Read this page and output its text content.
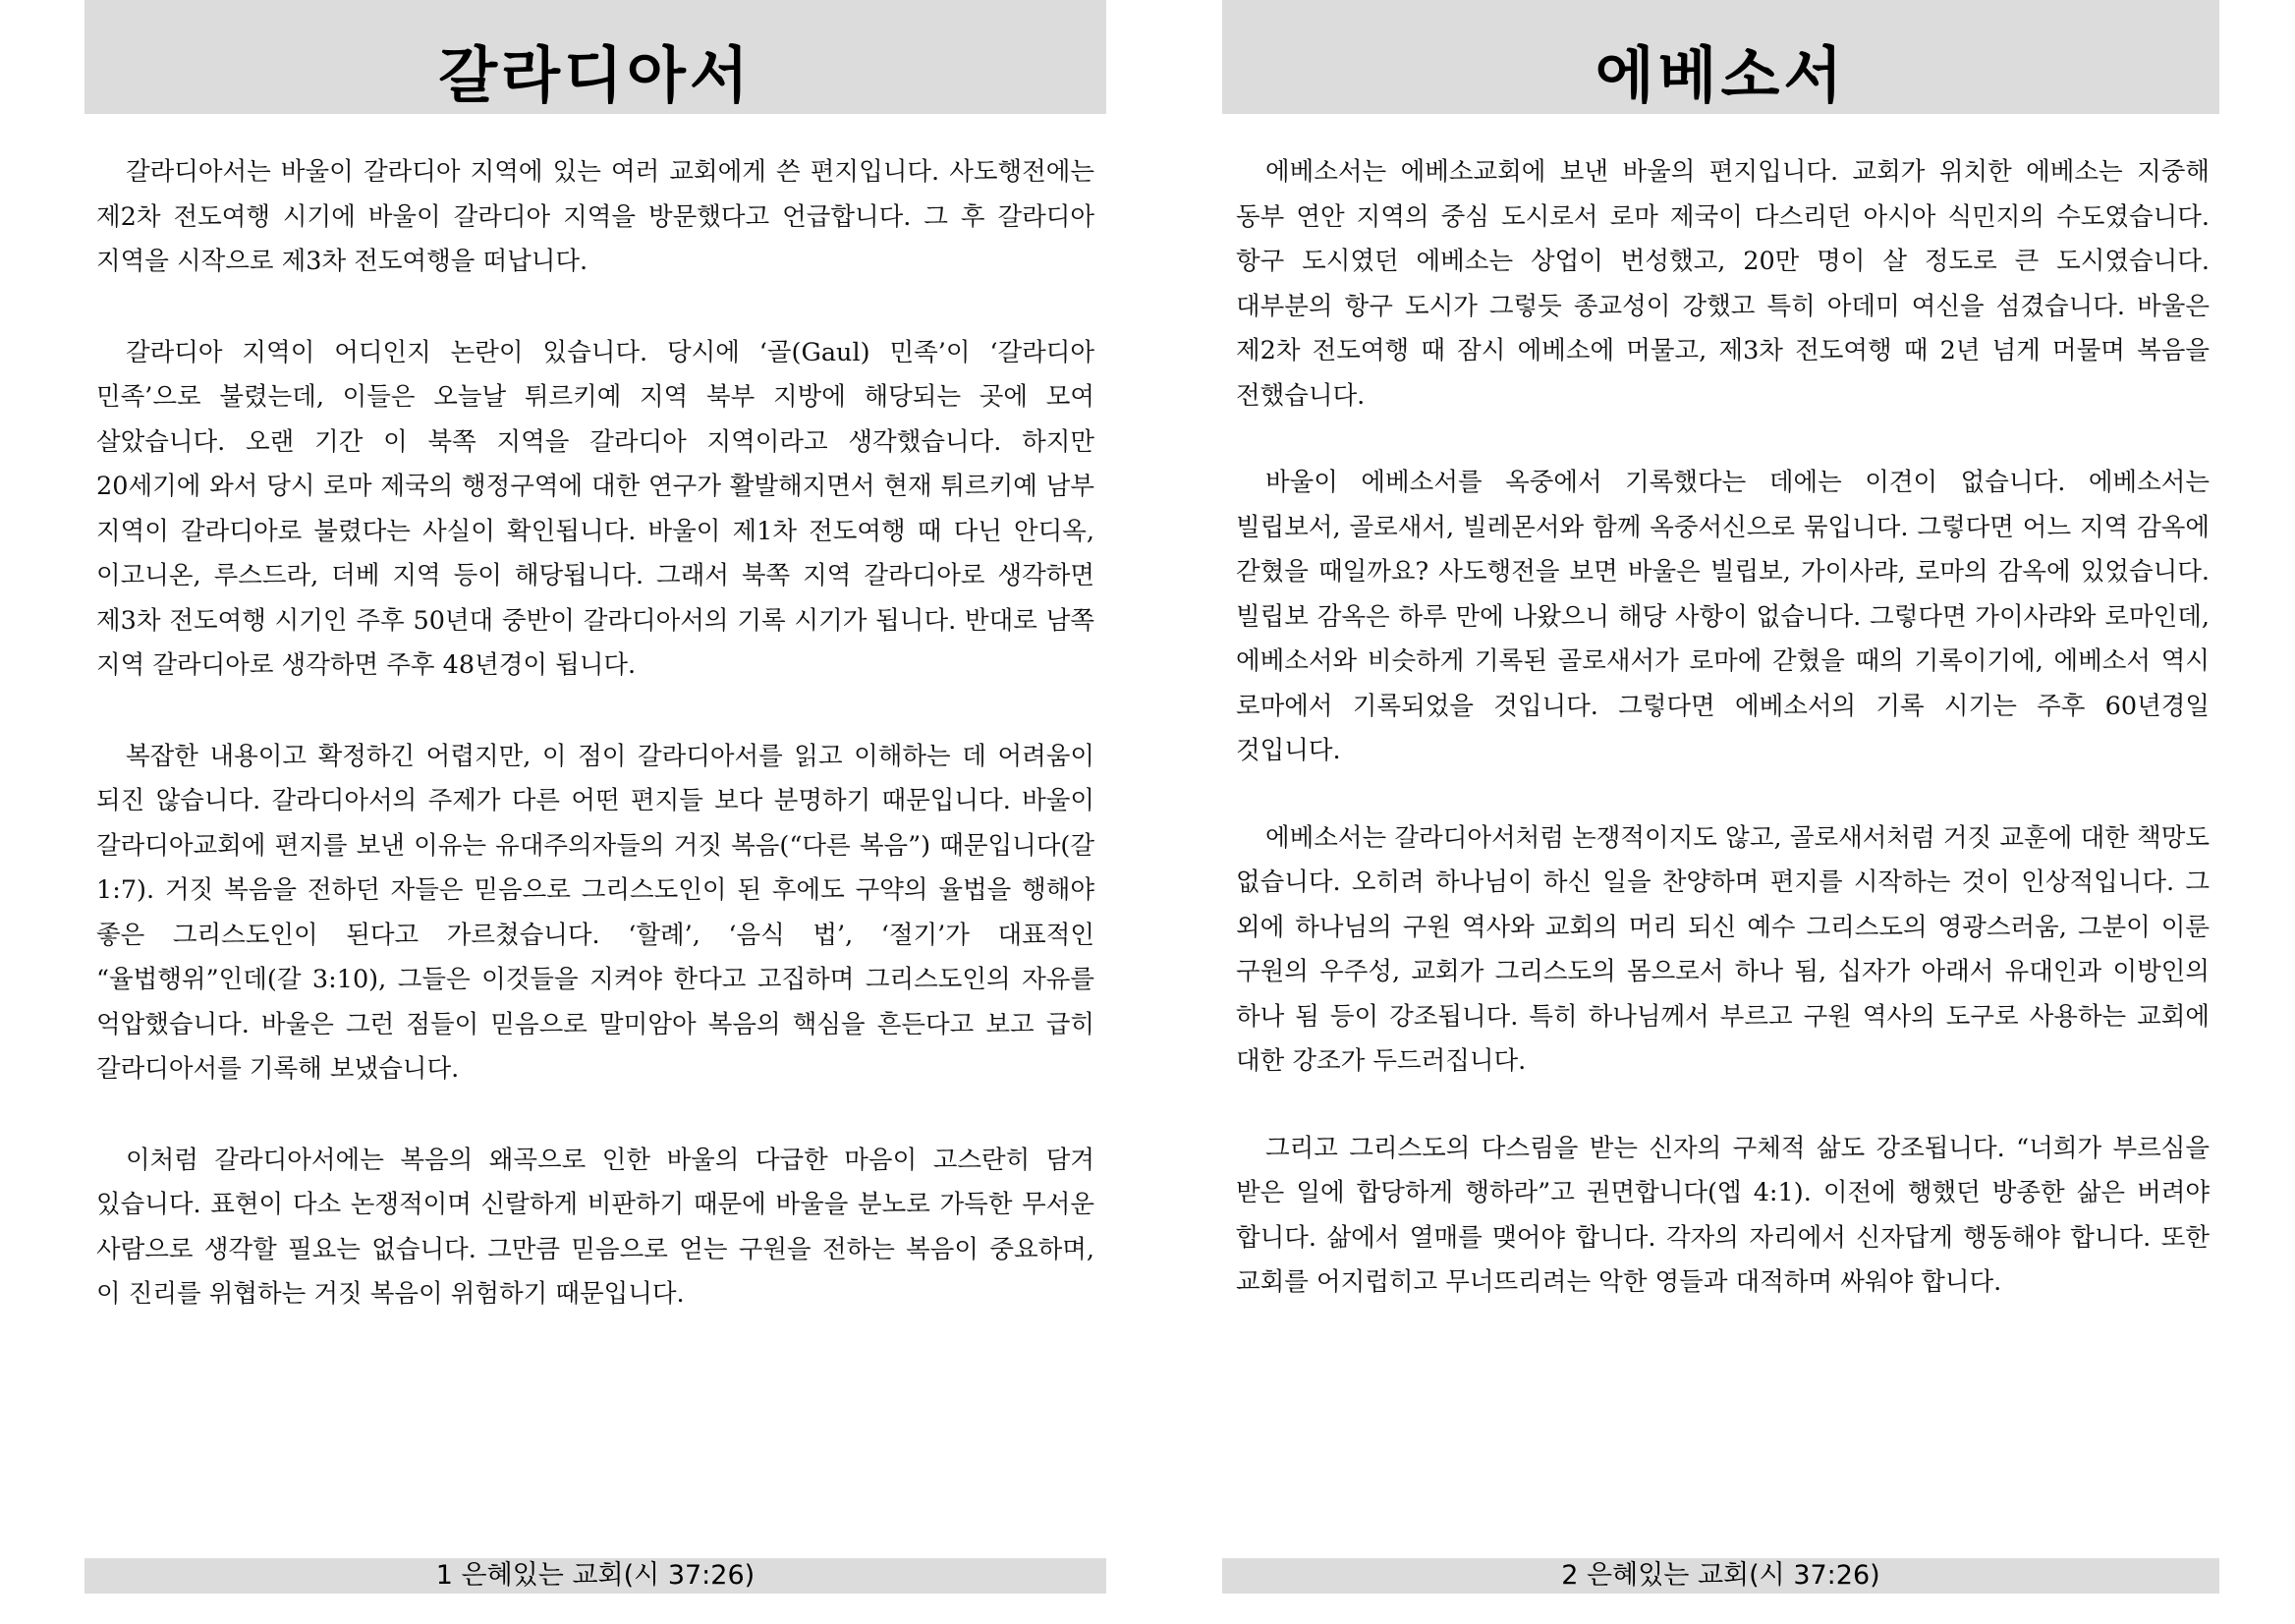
갈라디아서

갈라디아서는 바울이 갈라디아 지역에 있는 여러 교회에게 쓴 편지입니다. 사도행전에는 제2차 전도여행 시기에 바울이 갈라디아 지역을 방문했다고 언급합니다. 그 후 갈라디아 지역을 시작으로 제3차 전도여행을 떠납니다.

갈라디아 지역이 어디인지 논란이 있습니다. 당시에 ‘골(Gaul) 민족’이 ‘갈라디아 민족’으로 불렸는데, 이들은 오늘날 튀르키예 지역 북부 지방에 해당되는 곳에 모여 살았습니다. 오랜 기간 이 북쪽 지역을 갈라디아 지역이라고 생각했습니다. 하지만 20세기에 와서 당시 로마 제국의 행정구역에 대한 연구가 활발해지면서 현재 튀르키예 남부 지역이 갈라디아로 불렸다는 사실이 확인됩니다. 바울이 제1차 전도여행 때 다닌 안디옥, 이고니온, 루스드라, 더베 지역 등이 해당됩니다. 그래서 북쪽 지역 갈라디아로 생각하면 제3차 전도여행 시기인 주후 50년대 중반이 갈라디아서의 기록 시기가 됩니다. 반대로 남쪽 지역 갈라디아로 생각하면 주후 48년경이 됩니다.

복잡한 내용이고 확정하긴 어렵지만, 이 점이 갈라디아서를 읽고 이해하는 데 어려움이 되진 않습니다. 갈라디아서의 주제가 다른 어떤 편지들 보다 분명하기 때문입니다. 바울이 갈라디아교회에 편지를 보낸 이유는 유대주의자들의 거짓 복음(“다른 복음”) 때문입니다(갈 1:7). 거짓 복음을 전하던 자들은 믿음으로 그리스도인이 된 후에도 구약의 율법을 행해야 좋은 그리스도인이 된다고 가르쳤습니다. ‘할례’, ‘음식 법’, ‘절기’가 대표적인 “율법행위”인데(갈 3:10), 그들은 이것들을 지켜야 한다고 고집하며 그리스도인의 자유를 억압했습니다. 바울은 그런 점들이 믿음으로 말미암아 복음의 핵심을 흔든다고 보고 급히 갈라디아서를 기록해 보냈습니다.

이처럼 갈라디아서에는 복음의 왜곡으로 인한 바울의 다급한 마음이 고스란히 담겨 있습니다. 표현이 다소 논쟁적이며 신랄하게 비판하기 때문에 바울을 분노로 가득한 무서운 사람으로 생각할 필요는 없습니다. 그만큼 믿음으로 얻는 구원을 전하는 복음이 중요하며, 이 진리를 위협하는 거짓 복음이 위험하기 때문입니다.

1 은혜있는 교회(시 37:26)
에베소서

에베소서는 에베소교회에 보낸 바울의 편지입니다. 교회가 위치한 에베소는 지중해 동부 연안 지역의 중심 도시로서 로마 제국이 다스리던 아시아 식민지의 수도였습니다. 항구 도시였던 에베소는 상업이 번성했고, 20만 명이 살 정도로 큰 도시였습니다. 대부분의 항구 도시가 그렇듯 종교성이 강했고 특히 아데미 여신을 섬겼습니다. 바울은 제2차 전도여행 때 잠시 에베소에 머물고, 제3차 전도여행 때 2년 넘게 머물며 복음을 전했습니다.

바울이 에베소서를 옥중에서 기록했다는 데에는 이견이 없습니다. 에베소서는 빌립보서, 골로새서, 빌레몬서와 함께 옥중서신으로 묶입니다. 그렇다면 어느 지역 감옥에 갇혔을 때일까요? 사도행전을 보면 바울은 빌립보, 가이사랴, 로마의 감옥에 있었습니다. 빌립보 감옥은 하루 만에 나왔으니 해당 사항이 없습니다. 그렇다면 가이사랴와 로마인데, 에베소서와 비슷하게 기록된 골로새서가 로마에 갇혔을 때의 기록이기에, 에베소서 역시 로마에서 기록되었을 것입니다. 그렇다면 에베소서의 기록 시기는 주후 60년경일 것입니다.

에베소서는 갈라디아서처럼 논쟁적이지도 않고, 골로새서처럼 거짓 교훈에 대한 책망도 없습니다. 오히려 하나님이 하신 일을 찬양하며 편지를 시작하는 것이 인상적입니다. 그 외에 하나님의 구원 역사와 교회의 머리 되신 예수 그리스도의 영광스러움, 그분이 이룬 구원의 우주성, 교회가 그리스도의 몸으로서 하나 됨, 십자가 아래서 유대인과 이방인의 하나 됨 등이 강조됩니다. 특히 하나님께서 부르고 구원 역사의 도구로 사용하는 교회에 대한 강조가 두드러집니다.

그리고 그리스도의 다스림을 받는 신자의 구체적 삶도 강조됩니다. “너희가 부르심을 받은 일에 합당하게 행하라”고 권면합니다(엡 4:1). 이전에 행했던 방종한 삶은 버려야 합니다. 삶에서 열매를 맺어야 합니다. 각자의 자리에서 신자답게 행동해야 합니다. 또한 교회를 어지럽히고 무너뜨리려는 악한 영들과 대적하며 싸워야 합니다.

2 은혜있는 교회(시 37:26)
